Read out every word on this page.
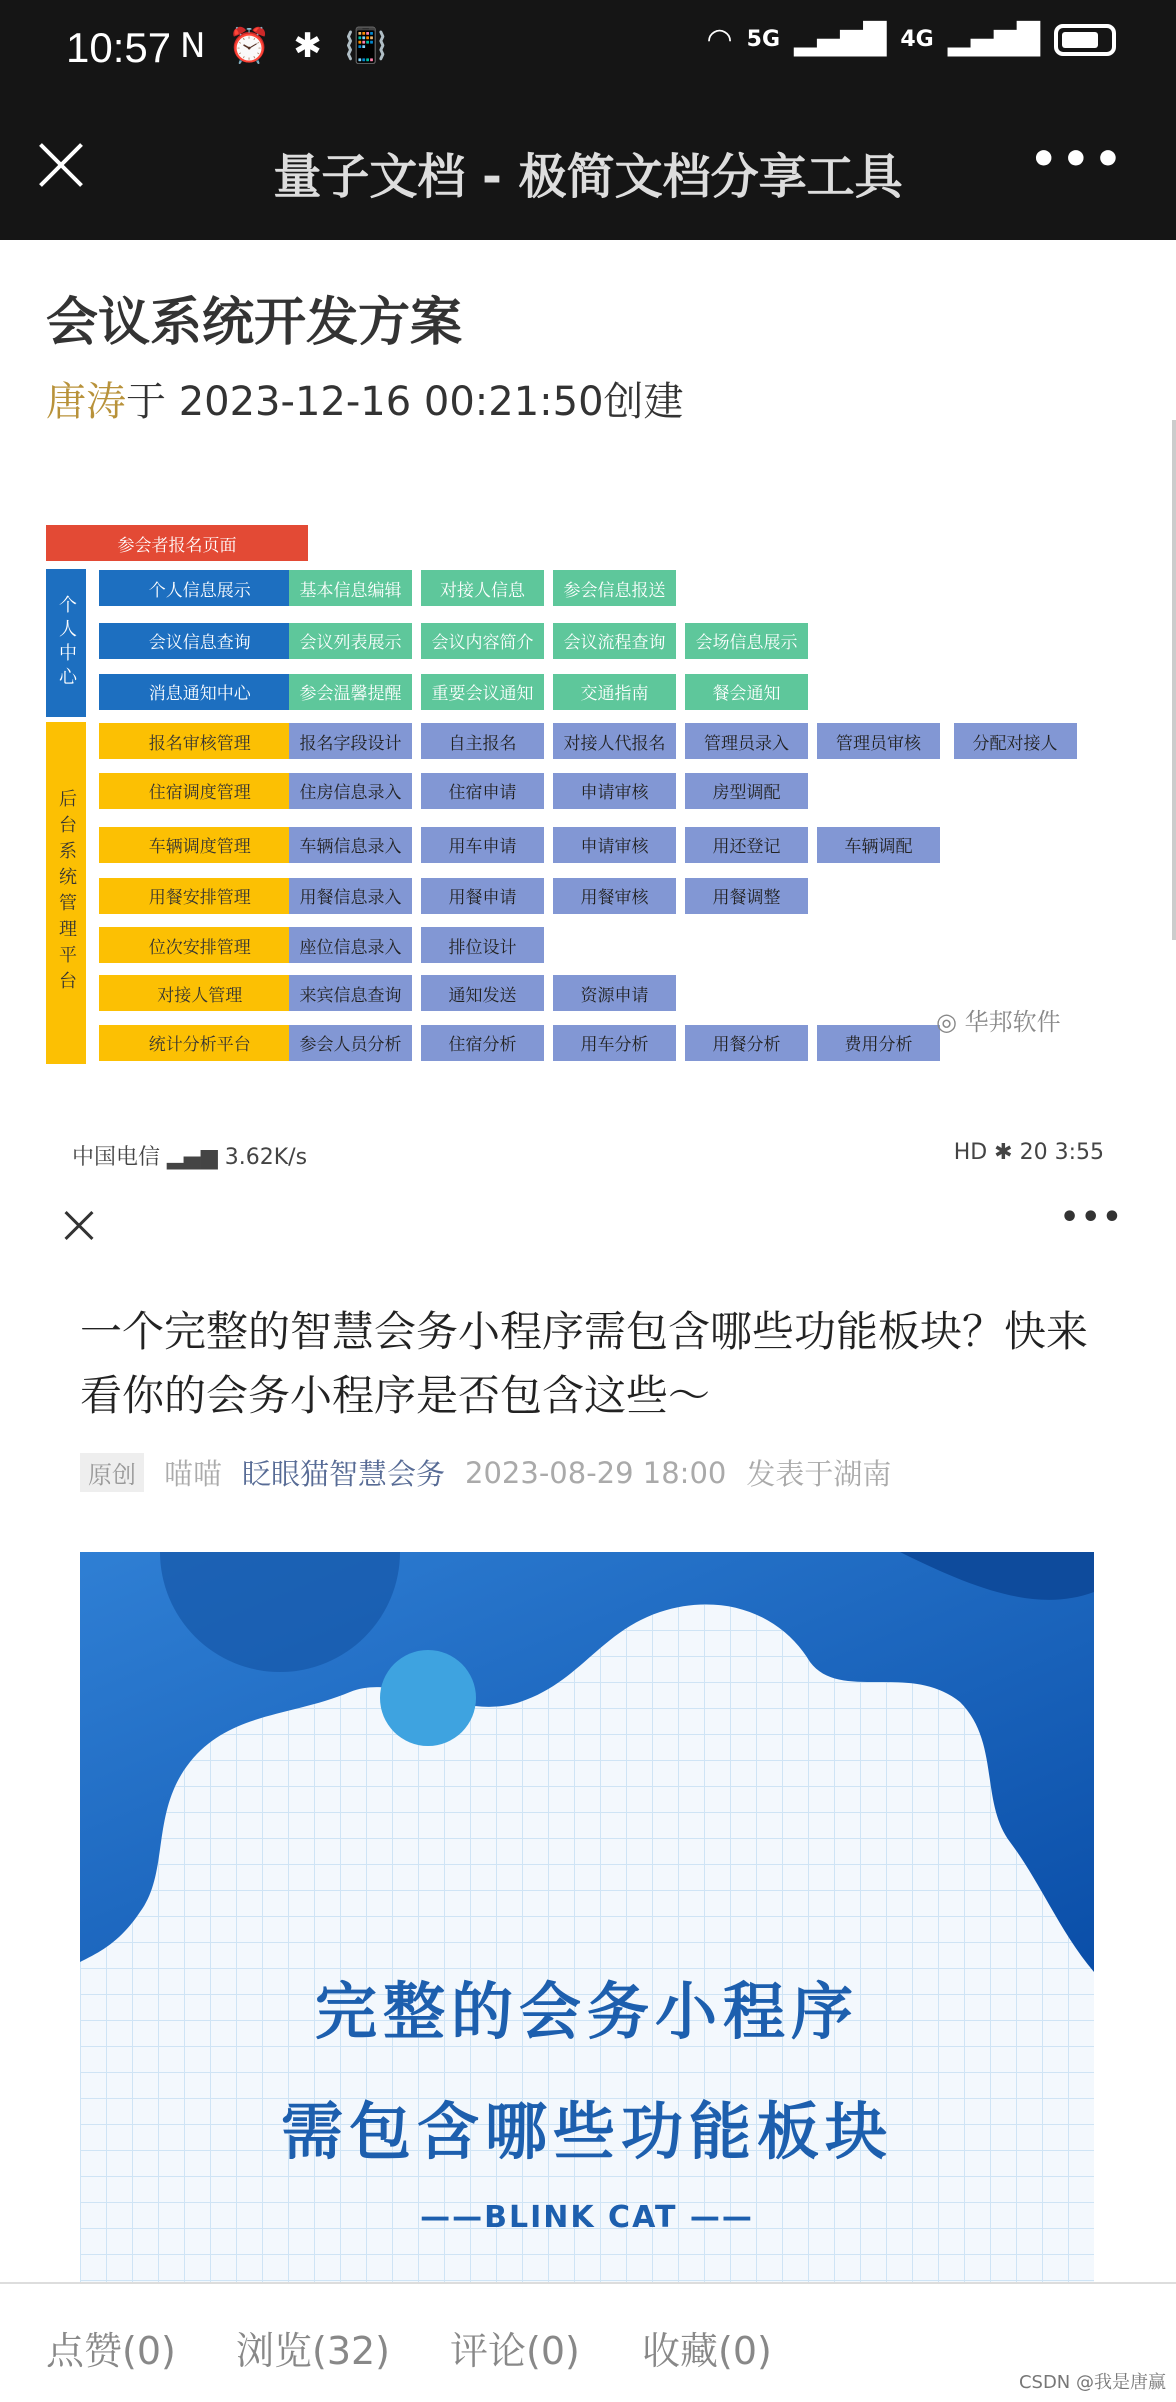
10:57 N ⏰ ✱ 📳	◠ 5G ▂▄▆█ 4G ▂▄▆█
量子文档 - 极简文档分享工具	•••
会议系统开发方案
唐涛于 2023-12-16 00:21:50创建
参会者报名页面
个人中心
后台系统管理平台
个人信息展示	基本信息编辑	对接人信息	参会信息报送
会议信息查询	会议列表展示	会议内容简介	会议流程查询	会场信息展示
消息通知中心	参会温馨提醒	重要会议通知	交通指南	餐会通知
报名审核管理	报名字段设计	自主报名	对接人代报名	管理员录入	管理员审核	分配对接人
住宿调度管理	住房信息录入	住宿申请	申请审核	房型调配
车辆调度管理	车辆信息录入	用车申请	申请审核	用还登记	车辆调配
用餐安排管理	用餐信息录入	用餐申请	用餐审核	用餐调整
位次安排管理	座位信息录入	排位设计
对接人管理	来宾信息查询	通知发送	资源申请
统计分析平台	参会人员分析	住宿分析	用车分析	用餐分析	费用分析
◎ 华邦软件
中国电信 ▂▄▆ 3.62K/s	HD ✱ 20 3:55
•••
一个完整的智慧会务小程序需包含哪些功能板块？快来看你的会务小程序是否包含这些～
原创 喵喵 眨眼猫智慧会务 2023-08-29 18:00 发表于湖南
完整的会务小程序
需包含哪些功能板块
——BLINK CAT ——
点赞(0) 浏览(32) 评论(0) 收藏(0)
CSDN @我是唐赢
